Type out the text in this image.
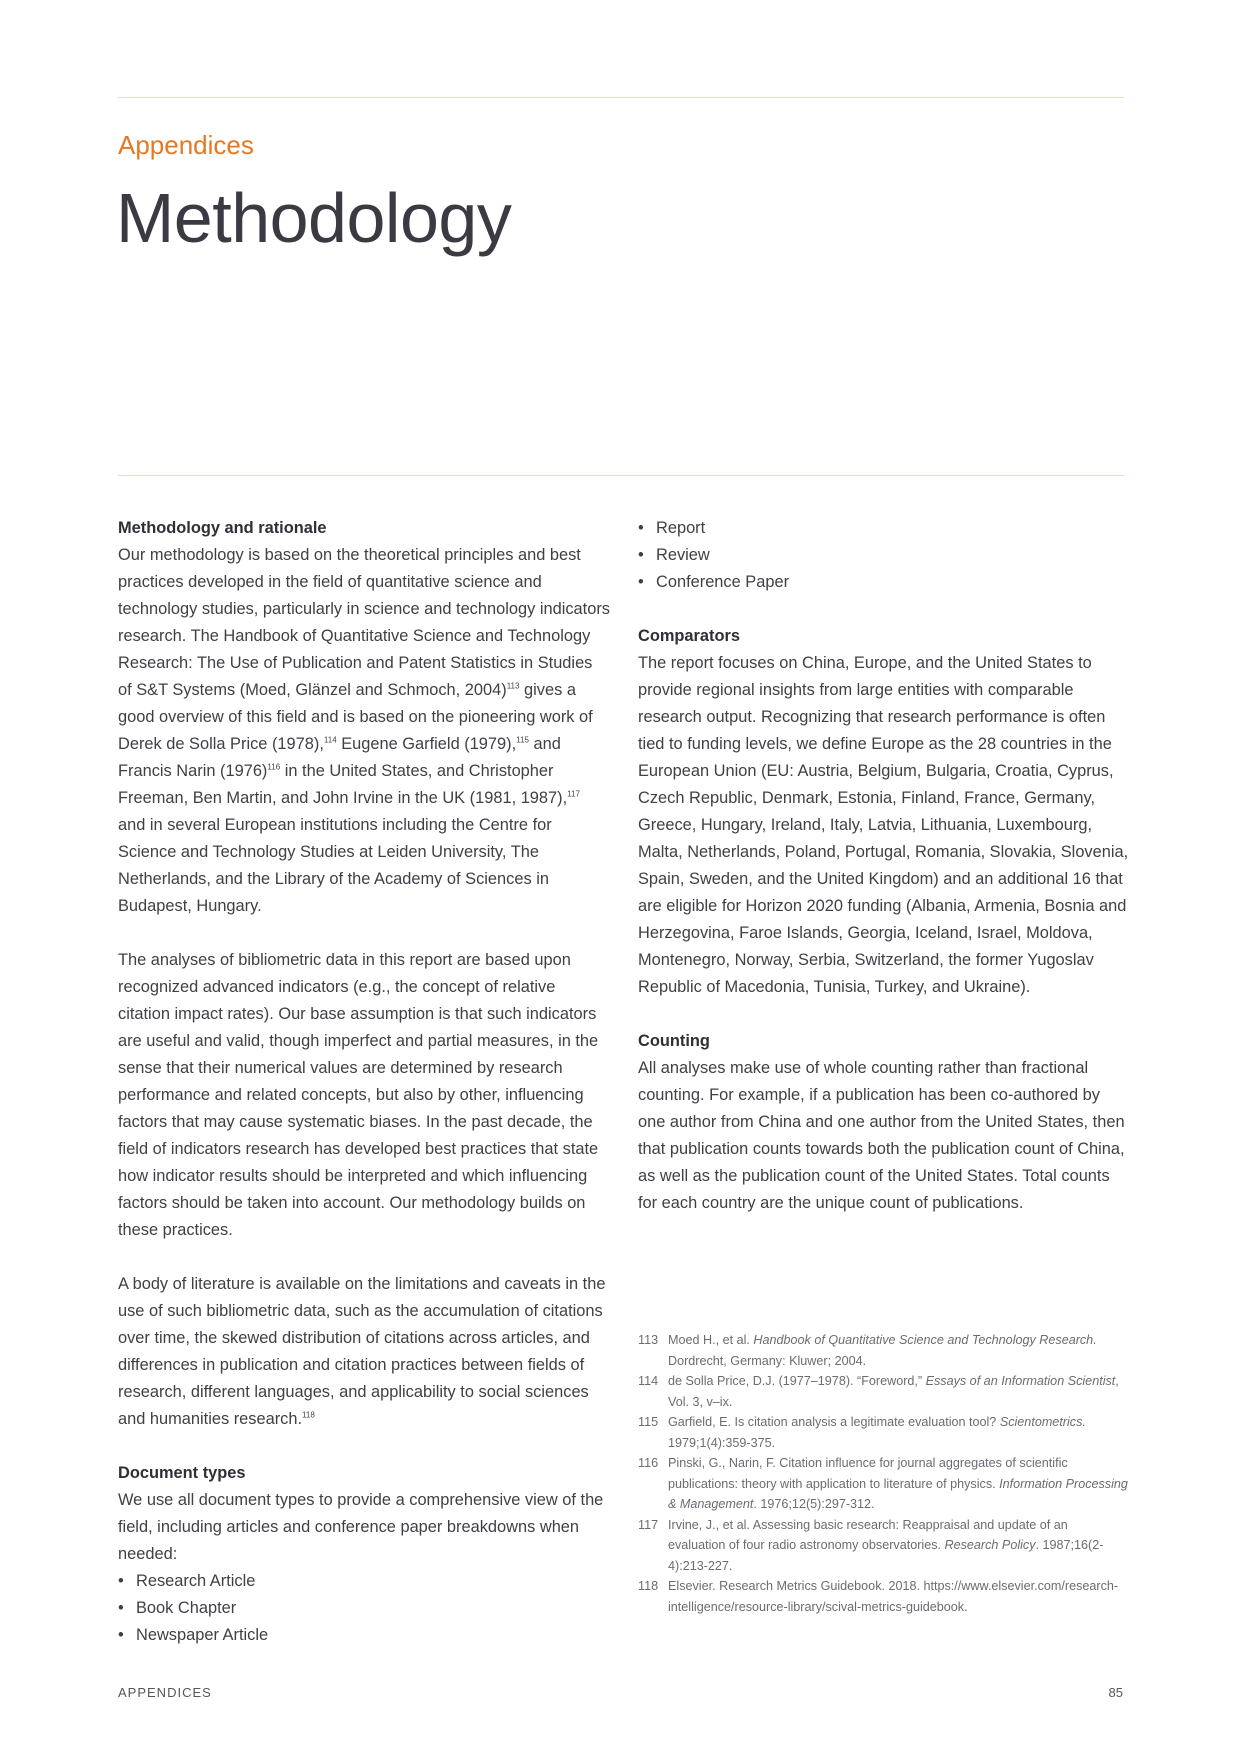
Appendices
Methodology

Methodology and rationale

Our methodology is based on the theoretical principles and best practices developed in the field of quantitative science and technology studies, particularly in science and technology indicators research. The Handbook of Quantitative Science and Technology Research: The Use of Publication and Patent Statistics in Studies of S&T Systems (Moed, Glänzel and Schmoch, 2004)$^{113}$ gives a good overview of this field and is based on the pioneering work of Derek de Solla Price (1978),$^{114}$ Eugene Garfield (1979),$^{115}$ and Francis Narin $(1976)^{116}$ in the United States, and Christopher Freeman, Ben Martin, and John Irvine in the UK (1981, 1987),$^{117}$ and in several European institutions including the Centre for Science and Technology Studies at Leiden University, The Netherlands, and the Library of the Academy of Sciences in Budapest, Hungary.

The analyses of bibliometric data in this report are based upon recognized advanced indicators (e.g., the concept of relative citation impact rates). Our base assumption is that such indicators are useful and valid, though imperfect and partial measures, in the sense that their numerical values are determined by research performance and related concepts, but also by other, influencing factors that may cause systematic biases. In the past decade, the field of indicators research has developed best practices that state how indicator results should be interpreted and which influencing factors should be taken into account. Our methodology builds on these practices.

A body of literature is available on the limitations and caveats in the use of such bibliometric data, such as the accumulation of citations over time, the skewed distribution of citations across articles, and differences in publication and citation practices between fields of research, different languages, and applicability to social sciences and humanities research.$^{118}$

Document types

We use all document types to provide a comprehensive view of the field, including articles and conference paper breakdowns when needed:

• Research Article
• Book Chapter
• Newspaper Article
• Report
• Review
• Conference Paper

Comparators

The report focuses on China, Europe, and the United States to provide regional insights from large entities with comparable research output. Recognizing that research performance is often tied to funding levels, we define Europe as the 28 countries in the European Union (EU: Austria, Belgium, Bulgaria, Croatia, Cyprus, Czech Republic, Denmark, Estonia, Finland, France, Germany, Greece, Hungary, Ireland, Italy, Latvia, Lithuania, Luxembourg, Malta, Netherlands, Poland, Portugal, Romania, Slovakia, Slovenia, Spain, Sweden, and the United Kingdom) and an additional 16 that are eligible for Horizon 2020 funding (Albania, Armenia, Bosnia and Herzegovina, Faroe Islands, Georgia, Iceland, Israel, Moldova, Montenegro, Norway, Serbia, Switzerland, the former Yugoslav Republic of Macedonia, Tunisia, Turkey, and Ukraine).

Counting

All analyses make use of whole counting rather than fractional counting. For example, if a publication has been co-authored by one author from China and one author from the United States, then that publication counts towards both the publication count of China, as well as the publication count of the United States. Total counts for each country are the unique count of publications.

113 Moed H., et al. Handbook of Quantitative Science and Technology Research. Dordrecht, Germany: Kluwer; 2004.
114 de Solla Price, D.J. (1977–1978). “Foreword,” Essays of an Information Scientist, Vol. 3, v–ix.
115 Garfield, E. Is citation analysis a legitimate evaluation tool? Scientometrics. 1979;1(4):359-375.
116 Pinski, G., Narin, F. Citation influence for journal aggregates of scientific publications: theory with application to literature of physics. Information Processing & Management. 1976;12(5):297-312.
117 Irvine, J., et al. Assessing basic research: Reappraisal and update of an evaluation of four radio astronomy observatories. Research Policy. 1987;16(2-4):213-227.
118 Elsevier. Research Metrics Guidebook. 2018. https://www.elsevier.com/research-intelligence/resource-library/scival-metrics-guidebook.
APPENDICES	85
